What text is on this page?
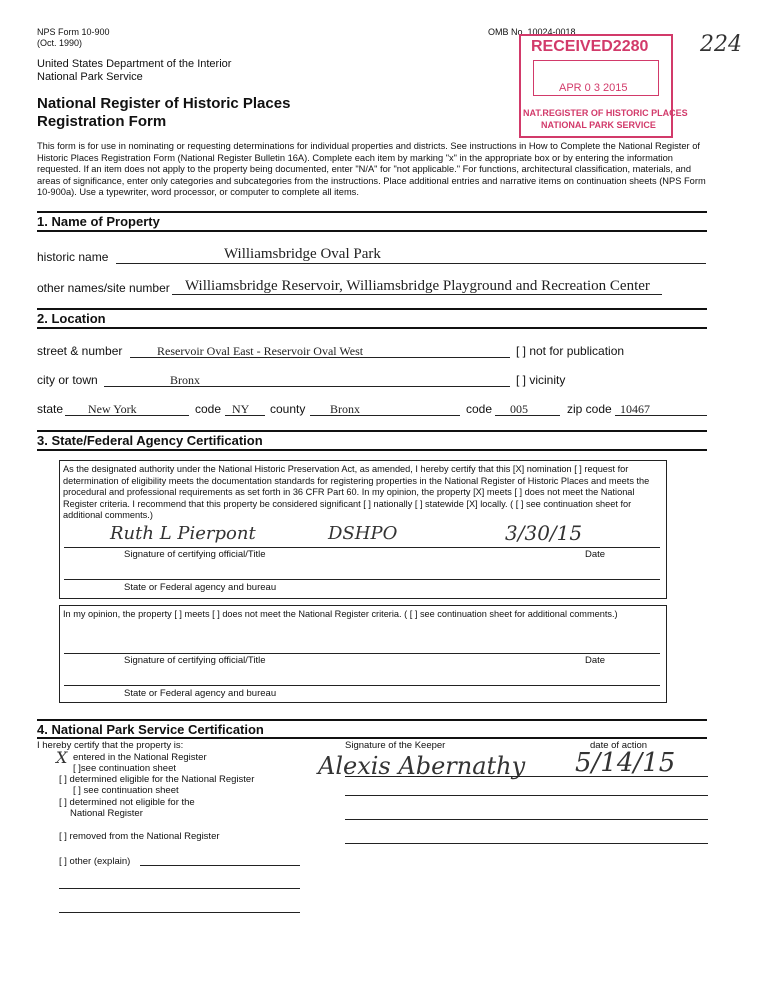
NPS Form 10-900
(Oct. 1990)
OMB No. 10024-0018
United States Department of the Interior
National Park Service
National Register of Historic Places
Registration Form
224
RECEIVED2280
APR 0 3 2015
NAT.REGISTER OF HISTORIC PLACES
NATIONAL PARK SERVICE
This form is for use in nominating or requesting determinations for individual properties and districts. See instructions in How to Complete the National Register of Historic Places Registration Form (National Register Bulletin 16A). Complete each item by marking "x" in the appropriate box or by entering the information requested. If an item does not apply to the property being documented, enter "N/A" for "not applicable." For functions, architectural classification, materials, and areas of significance, enter only categories and subcategories from the instructions. Place additional entries and narrative items on continuation sheets (NPS Form 10-900a). Use a typewriter, word processor, or computer to complete all items.
1. Name of Property
historic name	Williamsbridge Oval Park
other names/site number Williamsbridge Reservoir, Williamsbridge Playground and Recreation Center
2. Location
street & number	Reservoir Oval East - Reservoir Oval West	[ ] not for publication
city or town	Bronx	[ ] vicinity
state New York	code NY county Bronx	code 005	zip code 10467
3. State/Federal Agency Certification
As the designated authority under the National Historic Preservation Act, as amended, I hereby certify that this [X] nomination [ ] request for determination of eligibility meets the documentation standards for registering properties in the National Register of Historic Places and meets the procedural and professional requirements as set forth in 36 CFR Part 60. In my opinion, the property [X] meets [ ] does not meet the National Register criteria. I recommend that this property be considered significant [ ] nationally [ ] statewide [X] locally. ( [ ] see continuation sheet for additional comments.)
Ruth L Pierpont	DSHPO	3/30/15
Signature of certifying official/Title	Date
State or Federal agency and bureau
In my opinion, the property [ ] meets [ ] does not meet the National Register criteria. ( [ ] see continuation sheet for additional comments.)
Signature of certifying official/Title	Date
State or Federal agency and bureau
4. National Park Service Certification
I hereby certify that the property is:
X entered in the National Register
[ ]see continuation sheet
[ ] determined eligible for the National Register
[ ] see continuation sheet
[ ] determined not eligible for the
National Register
[ ] removed from the National Register
[ ] other (explain)
Signature of the Keeper	date of action
Alexis Abernathy 5/14/15
